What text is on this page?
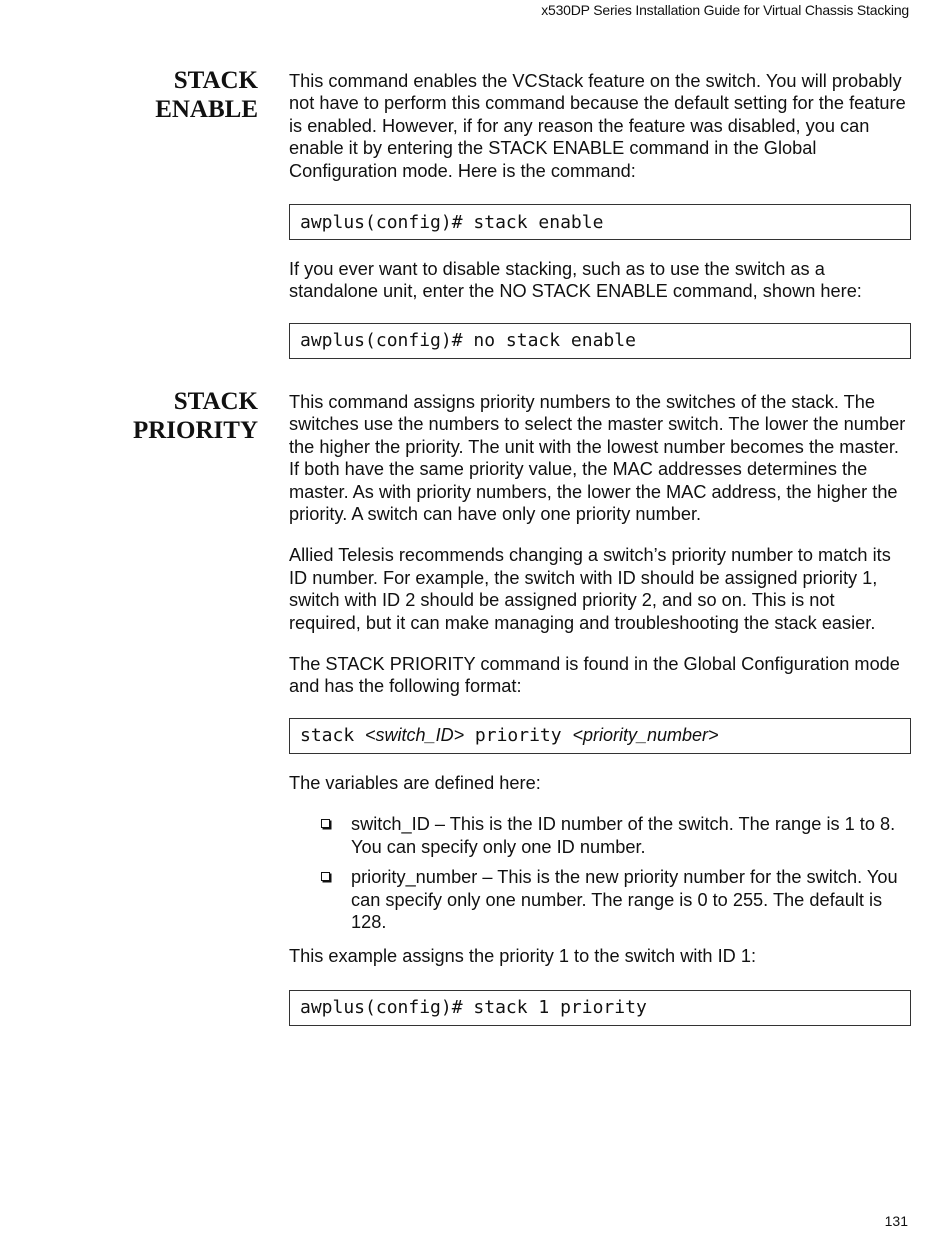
x530DP Series Installation Guide for Virtual Chassis Stacking
STACK
ENABLE

This command enables the VCStack feature on the switch. You will probably not have to perform this command because the default setting for the feature is enabled. However, if for any reason the feature was disabled, you can enable it by entering the STACK ENABLE command in the Global Configuration mode. Here is the command:

awplus(config)# stack enable

If you ever want to disable stacking, such as to use the switch as a standalone unit, enter the NO STACK ENABLE command, shown here:

awplus(config)# no stack enable
STACK
PRIORITY

This command assigns priority numbers to the switches of the stack. The switches use the numbers to select the master switch. The lower the number the higher the priority. The unit with the lowest number becomes the master. If both have the same priority value, the MAC addresses determines the master. As with priority numbers, the lower the MAC address, the higher the priority. A switch can have only one priority number.

Allied Telesis recommends changing a switch’s priority number to match its ID number. For example, the switch with ID should be assigned priority 1, switch with ID 2 should be assigned priority 2, and so on. This is not required, but it can make managing and troubleshooting the stack easier.

The STACK PRIORITY command is found in the Global Configuration mode and has the following format:

stack <switch_ID> priority <priority_number>

The variables are defined here:

switch_ID – This is the ID number of the switch. The range is 1 to 8. You can specify only one ID number.
priority_number – This is the new priority number for the switch. You can specify only one number. The range is 0 to 255. The default is 128.

This example assigns the priority 1 to the switch with ID 1:

awplus(config)# stack 1 priority
131
